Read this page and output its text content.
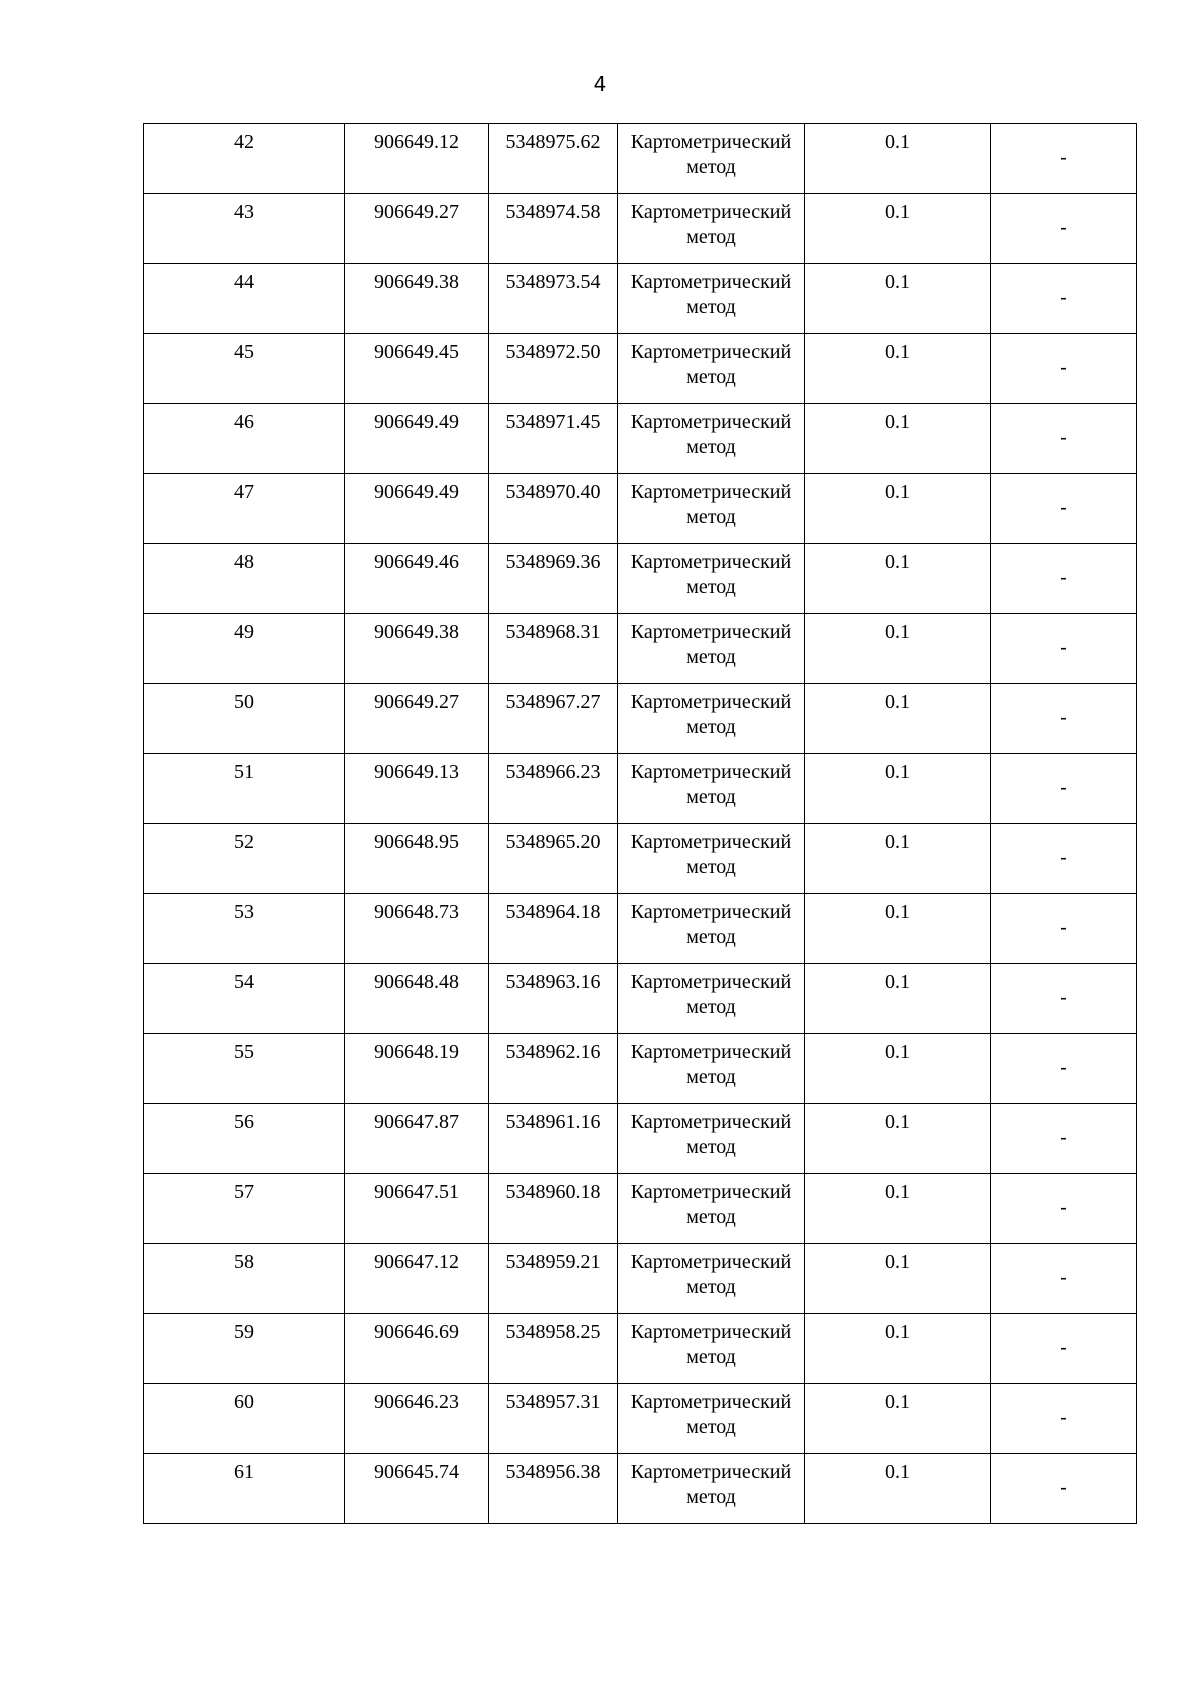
4
42	906649.12	5348975.62	Картометрический метод	0.1	-
43	906649.27	5348974.58	Картометрический метод	0.1	-
44	906649.38	5348973.54	Картометрический метод	0.1	-
45	906649.45	5348972.50	Картометрический метод	0.1	-
46	906649.49	5348971.45	Картометрический метод	0.1	-
47	906649.49	5348970.40	Картометрический метод	0.1	-
48	906649.46	5348969.36	Картометрический метод	0.1	-
49	906649.38	5348968.31	Картометрический метод	0.1	-
50	906649.27	5348967.27	Картометрический метод	0.1	-
51	906649.13	5348966.23	Картометрический метод	0.1	-
52	906648.95	5348965.20	Картометрический метод	0.1	-
53	906648.73	5348964.18	Картометрический метод	0.1	-
54	906648.48	5348963.16	Картометрический метод	0.1	-
55	906648.19	5348962.16	Картометрический метод	0.1	-
56	906647.87	5348961.16	Картометрический метод	0.1	-
57	906647.51	5348960.18	Картометрический метод	0.1	-
58	906647.12	5348959.21	Картометрический метод	0.1	-
59	906646.69	5348958.25	Картометрический метод	0.1	-
60	906646.23	5348957.31	Картометрический метод	0.1	-
61	906645.74	5348956.38	Картометрический метод	0.1	-
